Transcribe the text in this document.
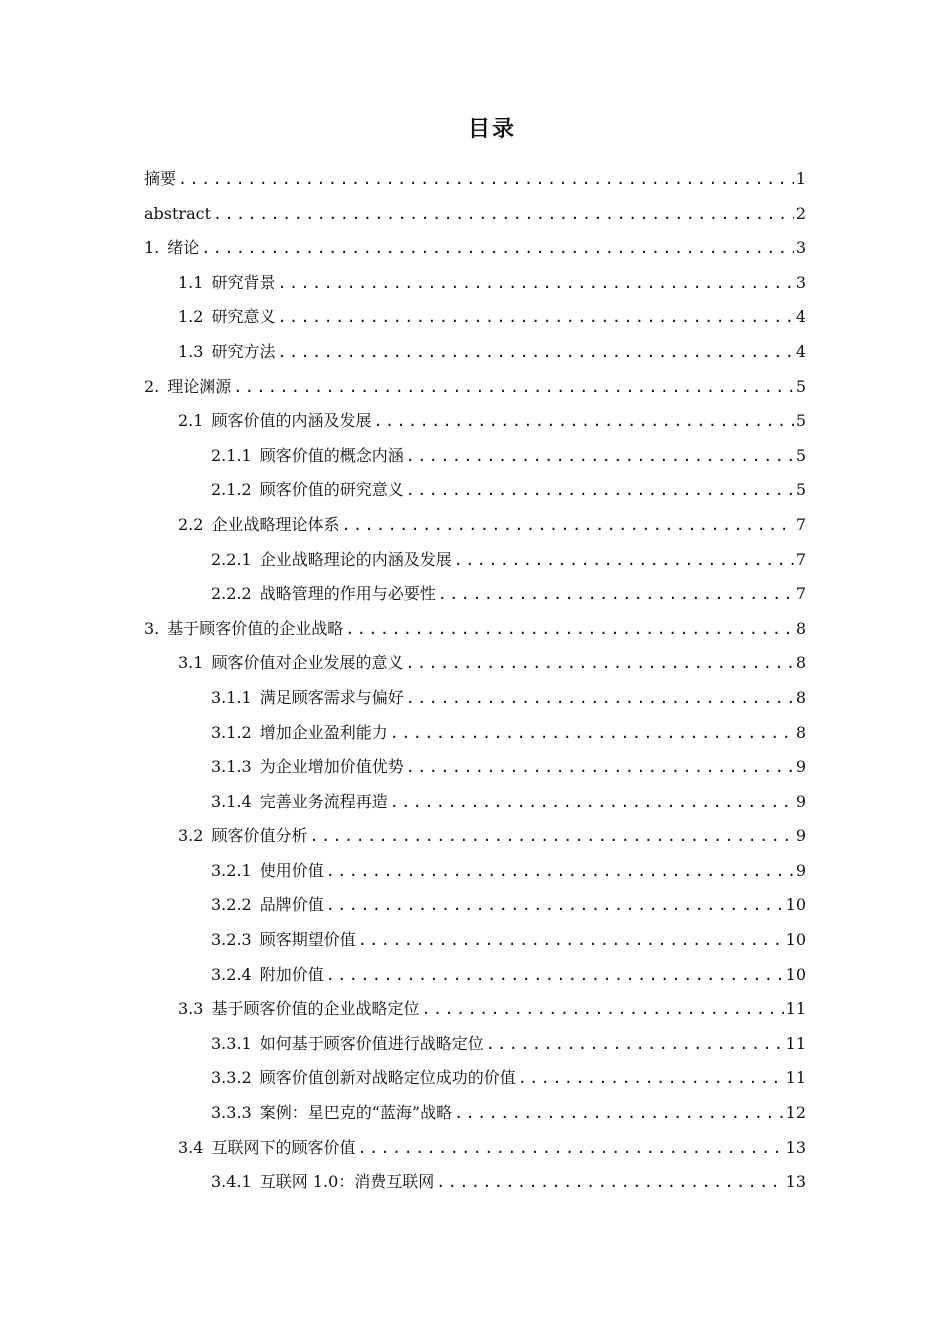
目录
摘要 .....	1
abstract .....	2
1. 绪论 .....	3
1.1 研究背景 .....	3
1.2 研究意义 .....	4
1.3 研究方法 .....	4
2. 理论渊源 .....	5
2.1 顾客价值的内涵及发展 .....	5
2.1.1 顾客价值的概念内涵 .....	5
2.1.2 顾客价值的研究意义 .....	5
2.2 企业战略理论体系 .....	7
2.2.1 企业战略理论的内涵及发展 .....	7
2.2.2 战略管理的作用与必要性 .....	7
3. 基于顾客价值的企业战略 .....	8
3.1 顾客价值对企业发展的意义 .....	8
3.1.1 满足顾客需求与偏好 .....	8
3.1.2 增加企业盈利能力 .....	8
3.1.3 为企业增加价值优势 .....	9
3.1.4 完善业务流程再造 .....	9
3.2 顾客价值分析 .....	9
3.2.1 使用价值 .....	9
3.2.2 品牌价值 .....	10
3.2.3 顾客期望价值 .....	10
3.2.4 附加价值 .....	10
3.3 基于顾客价值的企业战略定位 .....	11
3.3.1 如何基于顾客价值进行战略定位 .....	11
3.3.2 顾客价值创新对战略定位成功的价值 .....	11
3.3.3 案例：星巴克的“蓝海”战略 .....	12
3.4 互联网下的顾客价值 .....	13
3.4.1 互联网 1.0：消费互联网 .....	13
